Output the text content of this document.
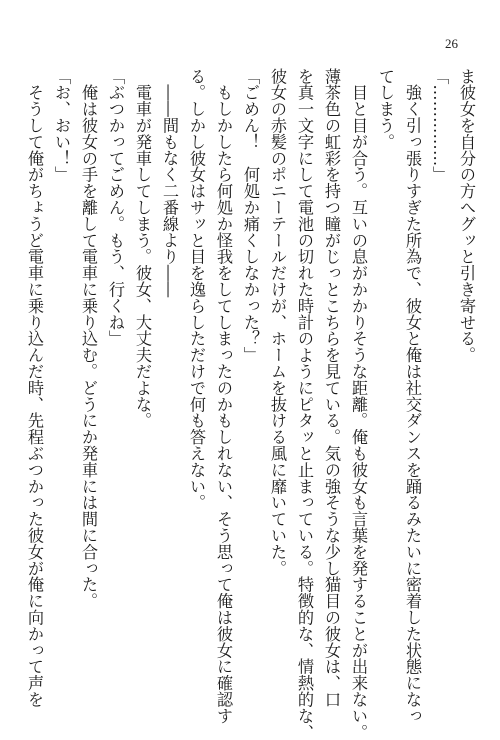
26
ま彼女を自分の方へグッと引き寄せる。
「……………」
　強く引っ張りすぎた所為で、彼女と俺は社交ダンスを踊るみたいに密着した状態になっ
てしまう。
　目と目が合う。互いの息がかかりそうな距離。俺も彼女も言葉を発することが出来ない。
薄茶色の虹彩を持つ瞳がじっとこちらを見ている。気の強そうな少し猫目の彼女は、口
を真一文字にして電池の切れた時計のようにピタッと止まっている。特徴的な、情熱的な、
彼女の赤髪のポニーテールだけが、ホームを抜ける風に靡いていた。
「ごめん！　何処か痛くしなかった？」
　もしかしたら何処か怪我をしてしまったのかもしれない、そう思って俺は彼女に確認す
る。しかし彼女はサッと目を逸らしただけで何も答えない。
　――間もなく二番線より――
　電車が発車してしまう。彼女、大丈夫だよな。
「ぶつかってごめん。もう、行くね」
　俺は彼女の手を離して電車に乗り込む。どうにか発車には間に合った。
「お、おい！」
　そうして俺がちょうど電車に乗り込んだ時、先程ぶつかった彼女が俺に向かって声を
